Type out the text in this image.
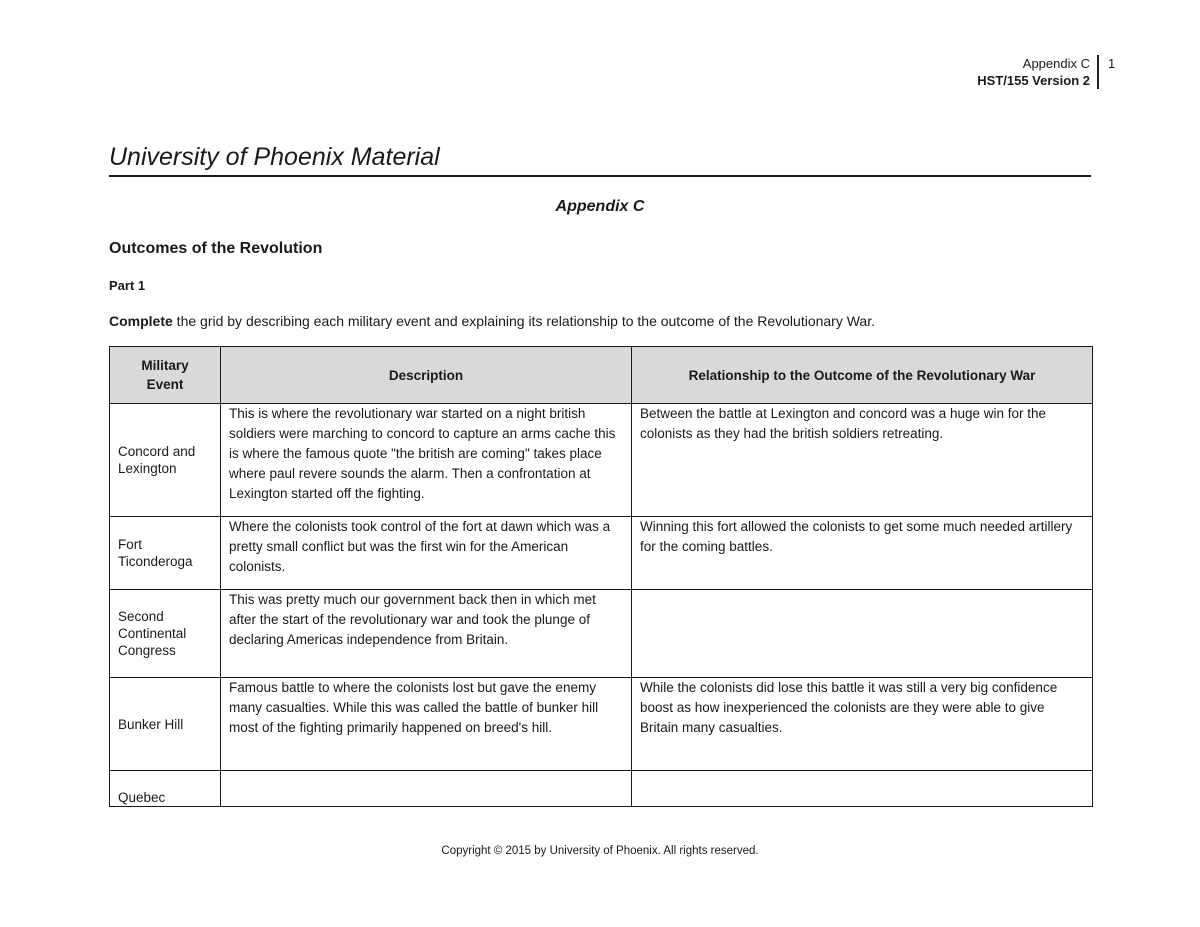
Appendix C
HST/155 Version 2
1
University of Phoenix Material
Appendix C
Outcomes of the Revolution
Part 1
Complete the grid by describing each military event and explaining its relationship to the outcome of the Revolutionary War.
Military Event	Description	Relationship to the Outcome of the Revolutionary War
Concord and Lexington	This is where the revolutionary war started on a night british soldiers were marching to concord to capture an arms cache this is where the famous quote "the british are coming" takes place where paul revere sounds the alarm. Then a confrontation at Lexington started off the fighting.	Between the battle at Lexington and concord was a huge win for the colonists as they had the british soldiers retreating.
Fort Ticonderoga	Where the colonists took control of the fort at dawn which was a pretty small conflict but was the first win for the American colonists.	Winning this fort allowed the colonists to get some much needed artillery for the coming battles.
Second Continental Congress	This was pretty much our government back then in which met after the start of the revolutionary war and took the plunge of declaring Americas independence from Britain.	
Bunker Hill	Famous battle to where the colonists lost but gave the enemy many casualties. While this was called the battle of bunker hill most of the fighting primarily happened on breed's hill.	While the colonists did lose this battle it was still a very big confidence boost as how inexperienced the colonists are they were able to give Britain many casualties.
Quebec		
Copyright © 2015 by University of Phoenix. All rights reserved.
